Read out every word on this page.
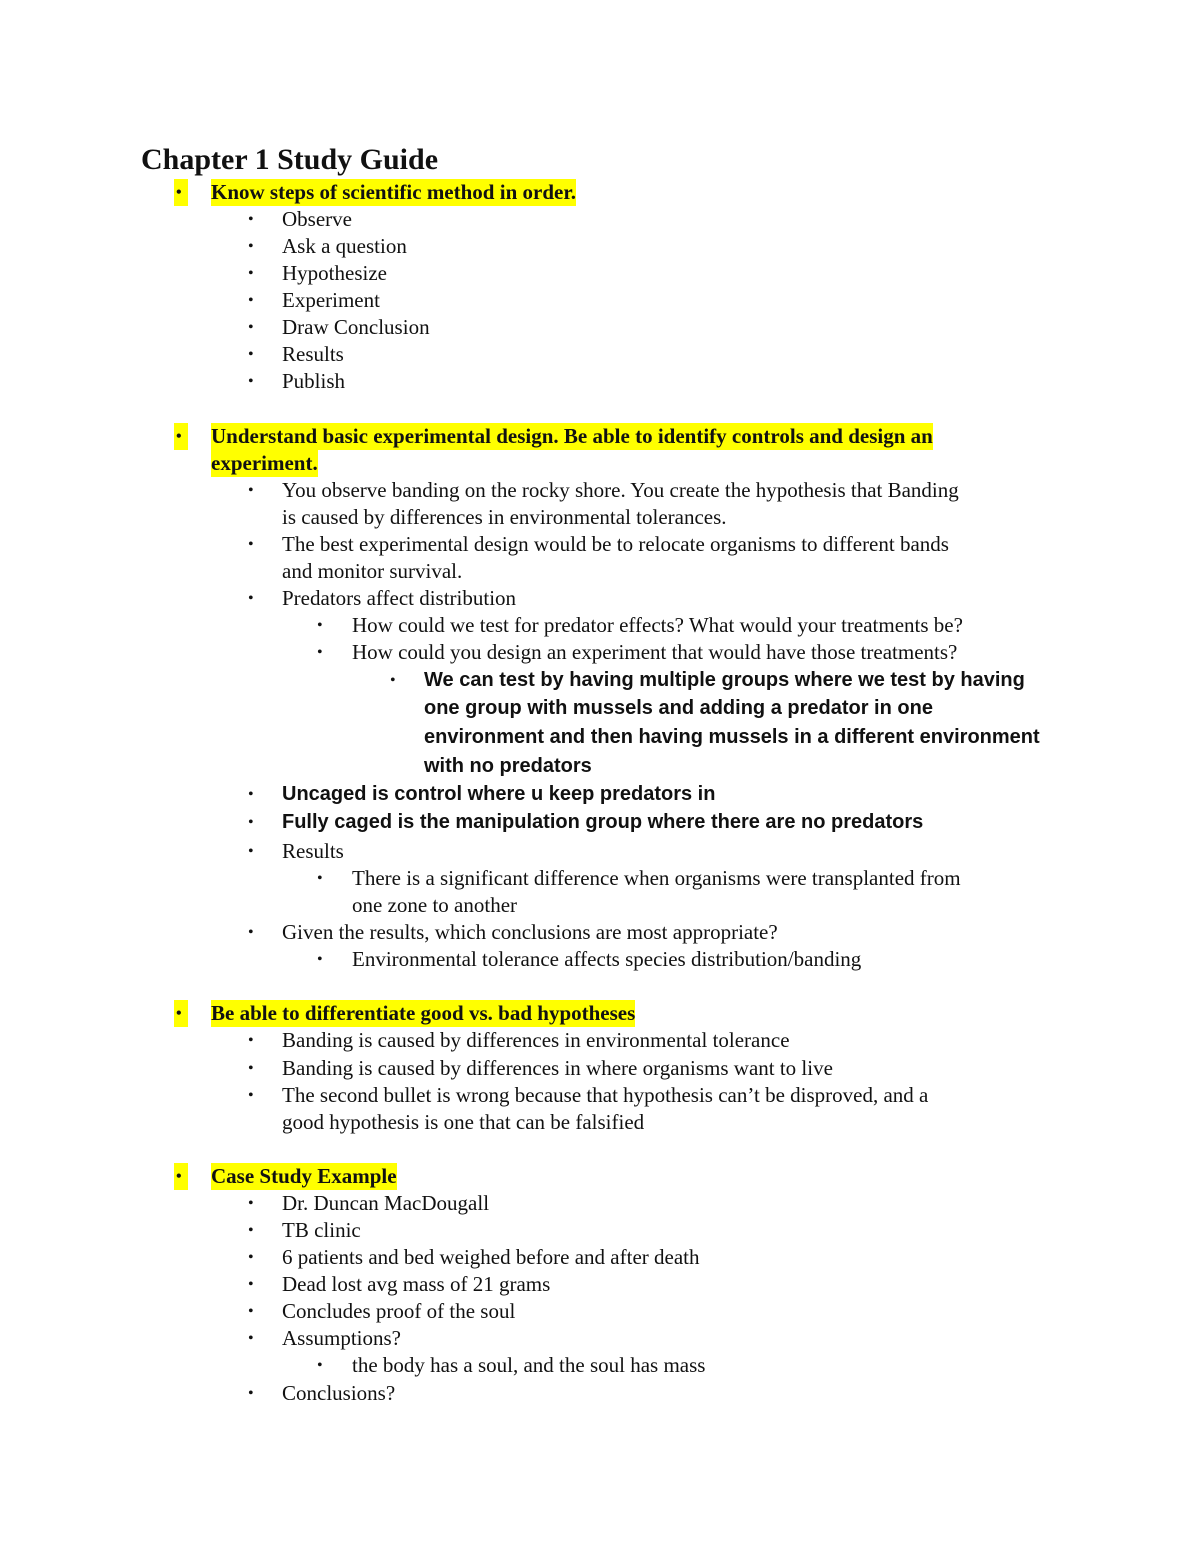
Chapter 1 Study Guide
• Know steps of scientific method in order.
• Observe
• Ask a question
• Hypothesize
• Experiment
• Draw Conclusion
• Results
• Publish
• Understand basic experimental design. Be able to identify controls and design an
experiment.
• You observe banding on the rocky shore. You create the hypothesis that Banding
is caused by differences in environmental tolerances.
• The best experimental design would be to relocate organisms to different bands
and monitor survival.
• Predators affect distribution
• How could we test for predator effects? What would your treatments be?
• How could you design an experiment that would have those treatments?
• We can test by having multiple groups where we test by having
one group with mussels and adding a predator in one
environment and then having mussels in a different environment
with no predators
• Uncaged is control where u keep predators in
• Fully caged is the manipulation group where there are no predators
• Results
• There is a significant difference when organisms were transplanted from
one zone to another
• Given the results, which conclusions are most appropriate?
• Environmental tolerance affects species distribution/banding
• Be able to differentiate good vs. bad hypotheses
• Banding is caused by differences in environmental tolerance
• Banding is caused by differences in where organisms want to live
• The second bullet is wrong because that hypothesis can’t be disproved, and a
good hypothesis is one that can be falsified
• Case Study Example
• Dr. Duncan MacDougall
• TB clinic
• 6 patients and bed weighed before and after death
• Dead lost avg mass of 21 grams
• Concludes proof of the soul
• Assumptions?
• the body has a soul, and the soul has mass
• Conclusions?
